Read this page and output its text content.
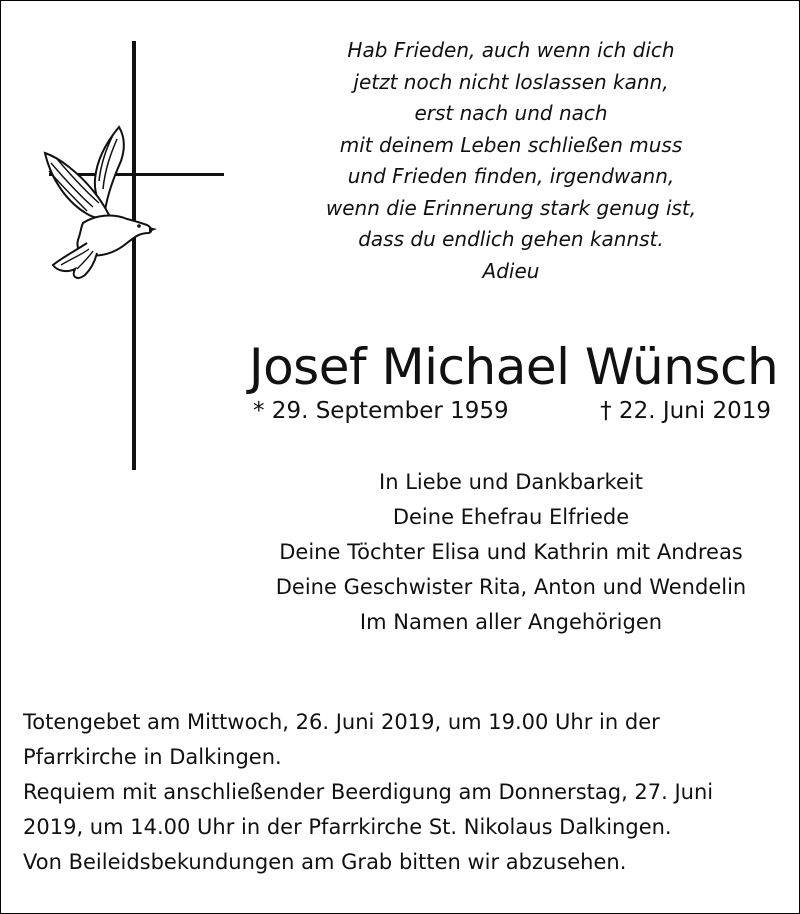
Hab Frieden, auch wenn ich dich
jetzt noch nicht loslassen kann,
erst nach und nach
mit deinem Leben schließen muss
und Frieden finden, irgendwann,
wenn die Erinnerung stark genug ist,
dass du endlich gehen kannst.
Adieu
Josef Michael Wünsch
* 29. September 1959	† 22. Juni 2019
In Liebe und Dankbarkeit
Deine Ehefrau Elfriede
Deine Töchter Elisa und Kathrin mit Andreas
Deine Geschwister Rita, Anton und Wendelin
Im Namen aller Angehörigen
Totengebet am Mittwoch, 26. Juni 2019, um 19.00 Uhr in der
Pfarrkirche in Dalkingen.
Requiem mit anschließender Beerdigung am Donnerstag, 27. Juni
2019, um 14.00 Uhr in der Pfarrkirche St. Nikolaus Dalkingen.
Von Beileidsbekundungen am Grab bitten wir abzusehen.
